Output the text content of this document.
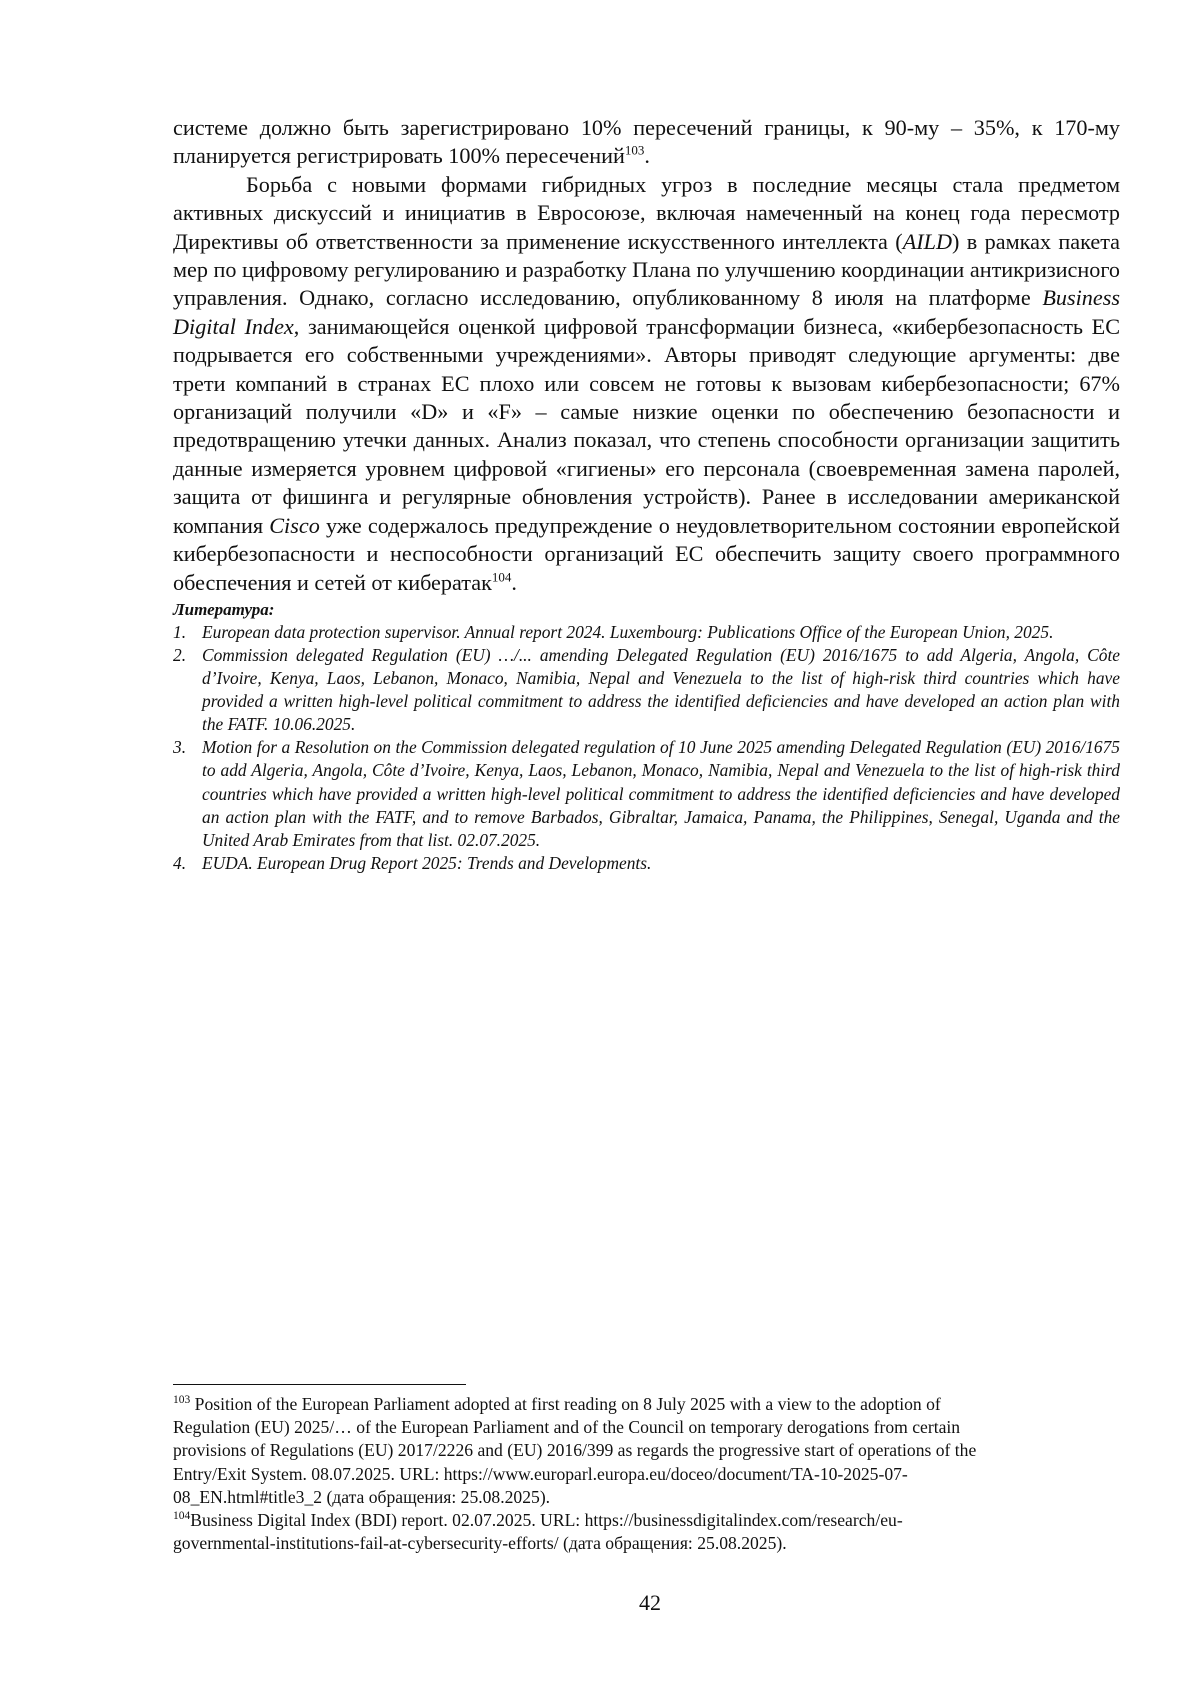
системе должно быть зарегистрировано 10% пересечений границы, к 90-му – 35%, к 170-му планируется регистрировать 100% пересечений$^{103}$.

Борьба с новыми формами гибридных угроз в последние месяцы стала предметом активных дискуссий и инициатив в Евросоюзе, включая намеченный на конец года пересмотр Директивы об ответственности за применение искусственного интеллекта (AILD) в рамках пакета мер по цифровому регулированию и разработку Плана по улучшению координации антикризисного управления. Однако, согласно исследованию, опубликованному 8 июля на платформе Business Digital Index, занимающейся оценкой цифровой трансформации бизнеса, «кибербезопасность ЕС подрывается его собственными учреждениями». Авторы приводят следующие аргументы: две трети компаний в странах ЕС плохо или совсем не готовы к вызовам кибербезопасности; 67% организаций получили «D» и «F» – самые низкие оценки по обеспечению безопасности и предотвращению утечки данных. Анализ показал, что степень способности организации защитить данные измеряется уровнем цифровой «гигиены» его персонала (своевременная замена паролей, защита от фишинга и регулярные обновления устройств). Ранее в исследовании американской компания Cisco уже содержалось предупреждение о неудовлетворительном состоянии европейской кибербезопасности и неспособности организаций ЕС обеспечить защиту своего программного обеспечения и сетей от кибератак$^{104}$.

Литература:
1. European data protection supervisor. Annual report 2024. Luxembourg: Publications Office of the European Union, 2025.
2. Commission delegated Regulation (EU) …/... amending Delegated Regulation (EU) 2016/1675 to add Algeria, Angola, Côte d’Ivoire, Kenya, Laos, Lebanon, Monaco, Namibia, Nepal and Venezuela to the list of high-risk third countries which have provided a written high-level political commitment to address the identified deficiencies and have developed an action plan with the FATF. 10.06.2025.
3. Motion for a Resolution on the Commission delegated regulation of 10 June 2025 amending Delegated Regulation (EU) 2016/1675 to add Algeria, Angola, Côte d’Ivoire, Kenya, Laos, Lebanon, Monaco, Namibia, Nepal and Venezuela to the list of high-risk third countries which have provided a written high-level political commitment to address the identified deficiencies and have developed an action plan with the FATF, and to remove Barbados, Gibraltar, Jamaica, Panama, the Philippines, Senegal, Uganda and the United Arab Emirates from that list. 02.07.2025.
4. EUDA. European Drug Report 2025: Trends and Developments.
$^{103}$ Position of the European Parliament adopted at first reading on 8 July 2025 with a view to the adoption of
Regulation (EU) 2025/… of the European Parliament and of the Council on temporary derogations from certain
provisions of Regulations (EU) 2017/2226 and (EU) 2016/399 as regards the progressive start of operations of the
Entry/Exit System. 08.07.2025. URL: https://www.europarl.europa.eu/doceo/document/TA-10-2025-07-
08_EN.html#title3_2 (дата обращения: 25.08.2025).
$^{104}$Business Digital Index (BDI) report. 02.07.2025. URL: https://businessdigitalindex.com/research/eu-
governmental-institutions-fail-at-cybersecurity-efforts/ (дата обращения: 25.08.2025).
42
